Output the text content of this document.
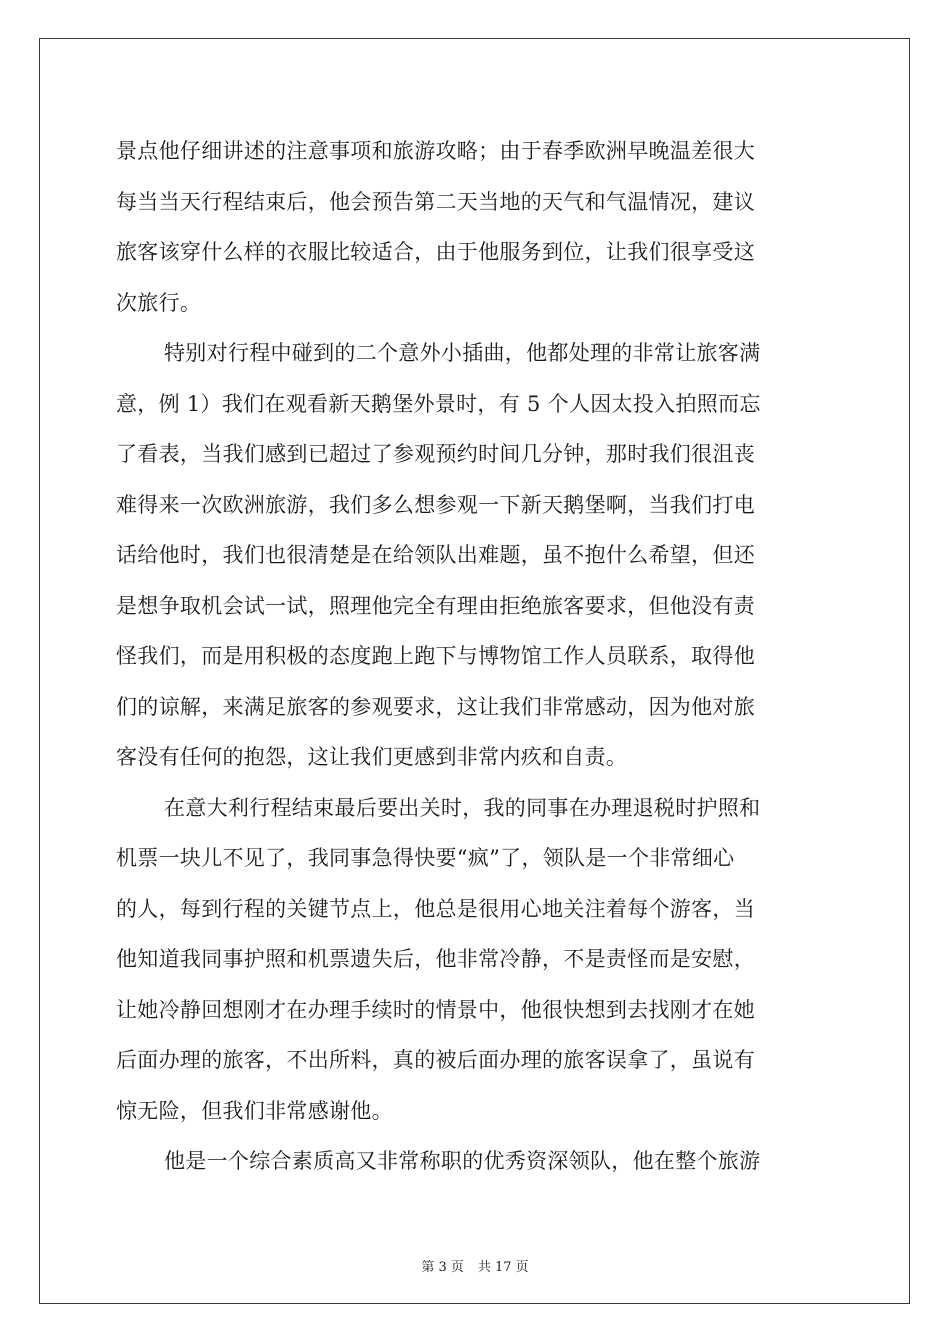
景点他仔细讲述的注意事项和旅游攻略；由于春季欧洲早晚温差很大

每当当天行程结束后，他会预告第二天当地的天气和气温情况，建议

旅客该穿什么样的衣服比较适合，由于他服务到位，让我们很享受这

次旅行。

特别对行程中碰到的二个意外小插曲，他都处理的非常让旅客满

意，例 1）我们在观看新天鹅堡外景时，有 5 个人因太投入拍照而忘

了看表，当我们感到已超过了参观预约时间几分钟，那时我们很沮丧

难得来一次欧洲旅游，我们多么想参观一下新天鹅堡啊，当我们打电

话给他时，我们也很清楚是在给领队出难题，虽不抱什么希望，但还

是想争取机会试一试，照理他完全有理由拒绝旅客要求，但他没有责

怪我们，而是用积极的态度跑上跑下与博物馆工作人员联系，取得他

们的谅解，来满足旅客的参观要求，这让我们非常感动，因为他对旅

客没有任何的抱怨，这让我们更感到非常内疚和自责。

在意大利行程结束最后要出关时，我的同事在办理退税时护照和

机票一块儿不见了，我同事急得快要“疯”了，领队是一个非常细心

的人，每到行程的关键节点上，他总是很用心地关注着每个游客，当

他知道我同事护照和机票遗失后，他非常冷静，不是责怪而是安慰，

让她冷静回想刚才在办理手续时的情景中，他很快想到去找刚才在她

后面办理的旅客，不出所料，真的被后面办理的旅客误拿了，虽说有

惊无险，但我们非常感谢他。

他是一个综合素质高又非常称职的优秀资深领队，他在整个旅游

第 3 页 共 17 页
